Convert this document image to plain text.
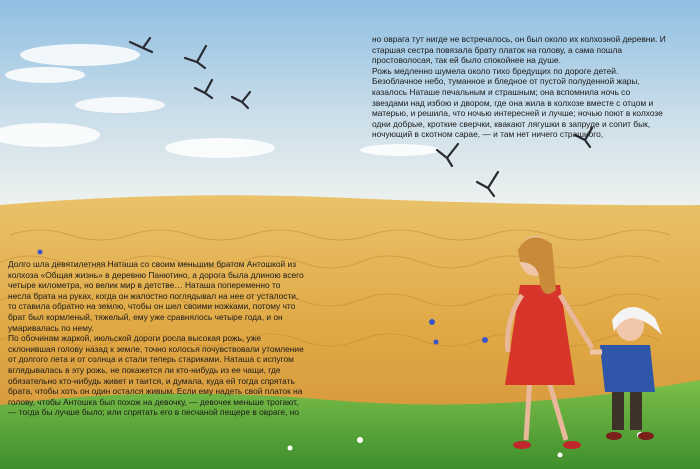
но оврага тут нигде не встречалось, он был около их колхозной деревни. И

старшая сестра повязала брату платок на голову, а сама пошла

простоволосая, так ей было спокойнее на душе.

Рожь медленно шумела около тихо бредущих по дороге детей.

Безоблачное небо, туманное и бледное от пустой полуденной жары,

казалось Наташе печальным и страшным; она вспомнила ночь со

звездами над избою и двором, где она жила в колхозе вместе с отцом и

матерью, и решила, что ночью интересней и лучше; ночью поют в колхозе

одни добрые, кроткие сверчки, квакают лягушки в запруде и сопит бык,

ночующий в скотном сарае, — и там нет ничего страшного,

Долго шла девятилетняя Наташа со своим меньшим братом Антошкой из

колхоза «Общая жизнь» в деревню Панютино, а дорога была длиною всего

четыре километра, но велик мир в детстве… Наташа попеременно то

несла брата на руках, когда он жалостно поглядывал на нее от усталости,

то ставила обратно на землю, чтобы он шел своими ножками, потому что

брат был кормленый, тяжелый, ему уже сравнялось четыре года, и он

умаривалась по нему.

По обочинам жаркой, июльской дороги росла высокая рожь, уже

склонившая голову назад к земле, точно колосья почувствовали утомление

от долгого лета и от солнца и стали теперь стариками. Наташа с испугом

вглядывалась в эту рожь, не покажется ли кто-нибудь из ее чащи, где

обязательно кто-нибудь живет и таится, и думала, куда ей тогда спрятать

брата, чтобы хоть он один остался живым. Если ему надеть свой платок на

голову, чтобы Антошка был похож на девочку, — девочек меньше трогают,

— тогда бы лучше было; или спрятать его в песчаной пещере в овраге, но
